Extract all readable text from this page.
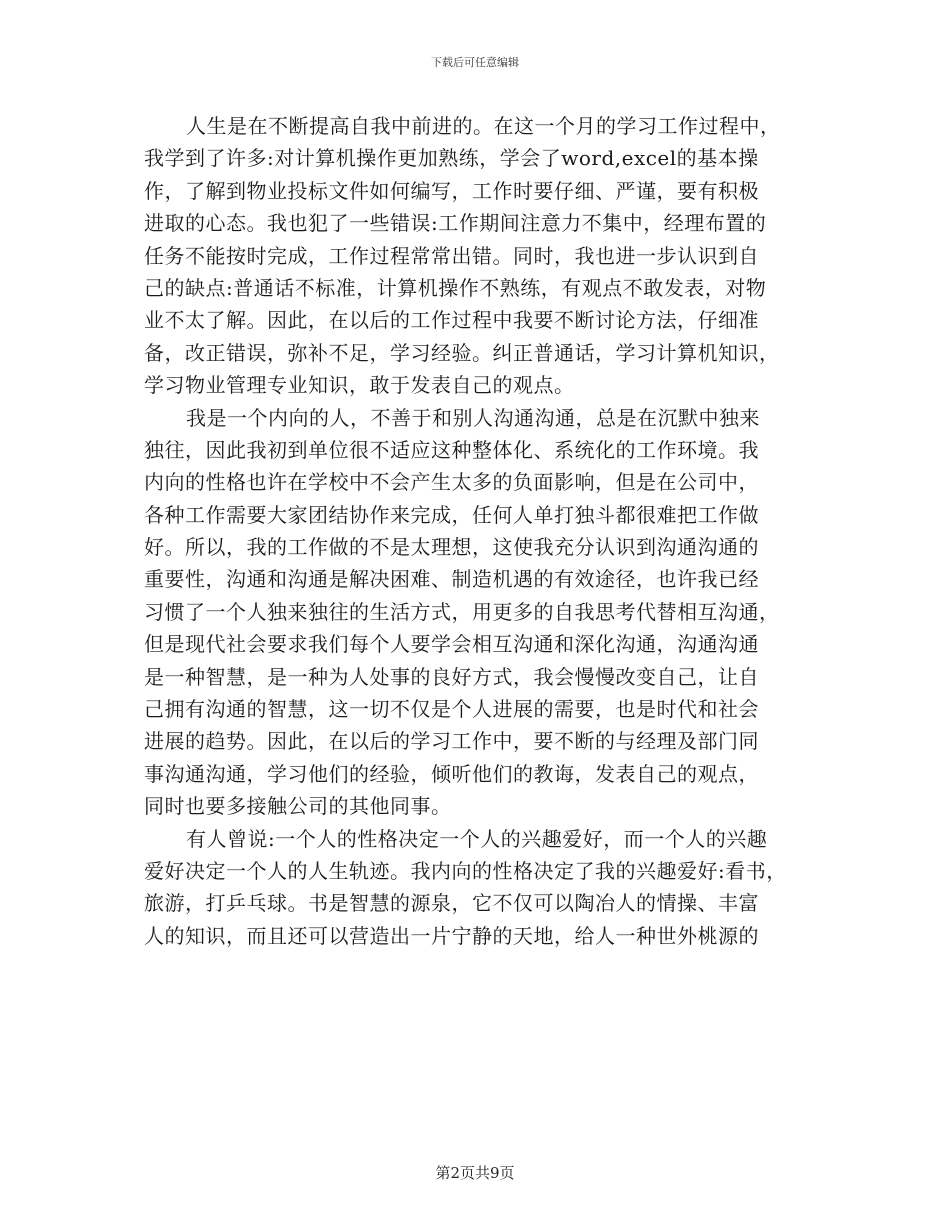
下载后可任意编辑
人生是在不断提高自我中前进的。在这一个月的学习工作过程中，
我学到了许多:对计算机操作更加熟练，学会了word,excel的基本操
作，了解到物业投标文件如何编写，工作时要仔细、严谨，要有积极
进取的心态。我也犯了一些错误:工作期间注意力不集中，经理布置的
任务不能按时完成，工作过程常常出错。同时，我也进一步认识到自
己的缺点:普通话不标准，计算机操作不熟练，有观点不敢发表，对物
业不太了解。因此，在以后的工作过程中我要不断讨论方法，仔细准
备，改正错误，弥补不足，学习经验。纠正普通话，学习计算机知识，
学习物业管理专业知识，敢于发表自己的观点。
我是一个内向的人，不善于和别人沟通沟通，总是在沉默中独来
独往，因此我初到单位很不适应这种整体化、系统化的工作环境。我
内向的性格也许在学校中不会产生太多的负面影响，但是在公司中，
各种工作需要大家团结协作来完成，任何人单打独斗都很难把工作做
好。所以，我的工作做的不是太理想，这使我充分认识到沟通沟通的
重要性，沟通和沟通是解决困难、制造机遇的有效途径，也许我已经
习惯了一个人独来独往的生活方式，用更多的自我思考代替相互沟通，
但是现代社会要求我们每个人要学会相互沟通和深化沟通，沟通沟通
是一种智慧，是一种为人处事的良好方式，我会慢慢改变自己，让自
己拥有沟通的智慧，这一切不仅是个人进展的需要，也是时代和社会
进展的趋势。因此，在以后的学习工作中，要不断的与经理及部门同
事沟通沟通，学习他们的经验，倾听他们的教诲，发表自己的观点，
同时也要多接触公司的其他同事。
有人曾说:一个人的性格决定一个人的兴趣爱好，而一个人的兴趣
爱好决定一个人的人生轨迹。我内向的性格决定了我的兴趣爱好:看书，
旅游，打乒乓球。书是智慧的源泉，它不仅可以陶冶人的情操、丰富
人的知识，而且还可以营造出一片宁静的天地，给人一种世外桃源的
第2页共9页
